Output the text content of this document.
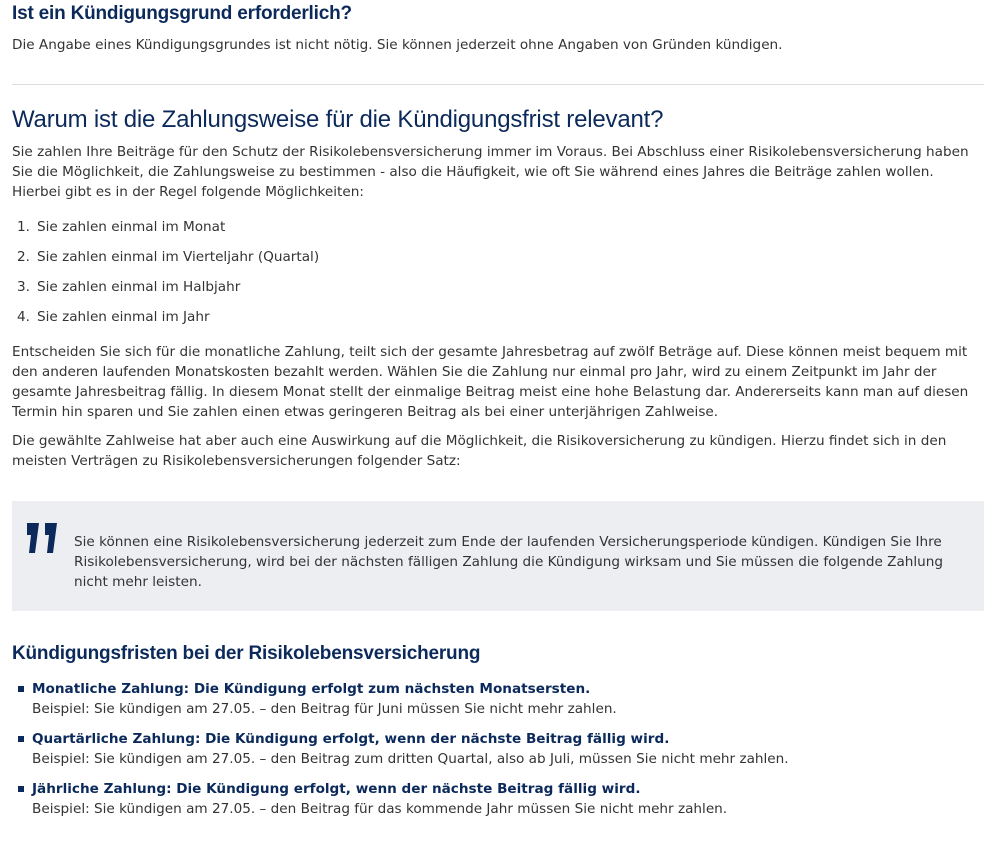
Ist ein Kündigungsgrund erforderlich?

Die Angabe eines Kündigungsgrundes ist nicht nötig. Sie können jederzeit ohne Angaben von Gründen kündigen.

Warum ist die Zahlungsweise für die Kündigungsfrist relevant?

Sie zahlen Ihre Beiträge für den Schutz der Risikolebensversicherung immer im Voraus. Bei Abschluss einer Risikolebensversicherung haben Sie die Möglichkeit, die Zahlungsweise zu bestimmen - also die Häufigkeit, wie oft Sie während eines Jahres die Beiträge zahlen wollen. Hierbei gibt es in der Regel folgende Möglichkeiten:

1. Sie zahlen einmal im Monat
2. Sie zahlen einmal im Vierteljahr (Quartal)
3. Sie zahlen einmal im Halbjahr
4. Sie zahlen einmal im Jahr

Entscheiden Sie sich für die monatliche Zahlung, teilt sich der gesamte Jahresbetrag auf zwölf Beträge auf. Diese können meist bequem mit den anderen laufenden Monatskosten bezahlt werden. Wählen Sie die Zahlung nur einmal pro Jahr, wird zu einem Zeitpunkt im Jahr der gesamte Jahresbeitrag fällig. In diesem Monat stellt der einmalige Beitrag meist eine hohe Belastung dar. Andererseits kann man auf diesen Termin hin sparen und Sie zahlen einen etwas geringeren Beitrag als bei einer unterjährigen Zahlweise.

Die gewählte Zahlweise hat aber auch eine Auswirkung auf die Möglichkeit, die Risikoversicherung zu kündigen. Hierzu findet sich in den meisten Verträgen zu Risikolebensversicherungen folgender Satz:

Sie können eine Risikolebensversicherung jederzeit zum Ende der laufenden Versicherungsperiode kündigen. Kündigen Sie Ihre Risikolebensversicherung, wird bei der nächsten fälligen Zahlung die Kündigung wirksam und Sie müssen die folgende Zahlung nicht mehr leisten.

Kündigungsfristen bei der Risikolebensversicherung
Monatliche Zahlung: Die Kündigung erfolgt zum nächsten Monatsersten.
Beispiel: Sie kündigen am 27.05. – den Beitrag für Juni müssen Sie nicht mehr zahlen.
Quartärliche Zahlung: Die Kündigung erfolgt, wenn der nächste Beitrag fällig wird.
Beispiel: Sie kündigen am 27.05. – den Beitrag zum dritten Quartal, also ab Juli, müssen Sie nicht mehr zahlen.
Jährliche Zahlung: Die Kündigung erfolgt, wenn der nächste Beitrag fällig wird.
Beispiel: Sie kündigen am 27.05. – den Beitrag für das kommende Jahr müssen Sie nicht mehr zahlen.
